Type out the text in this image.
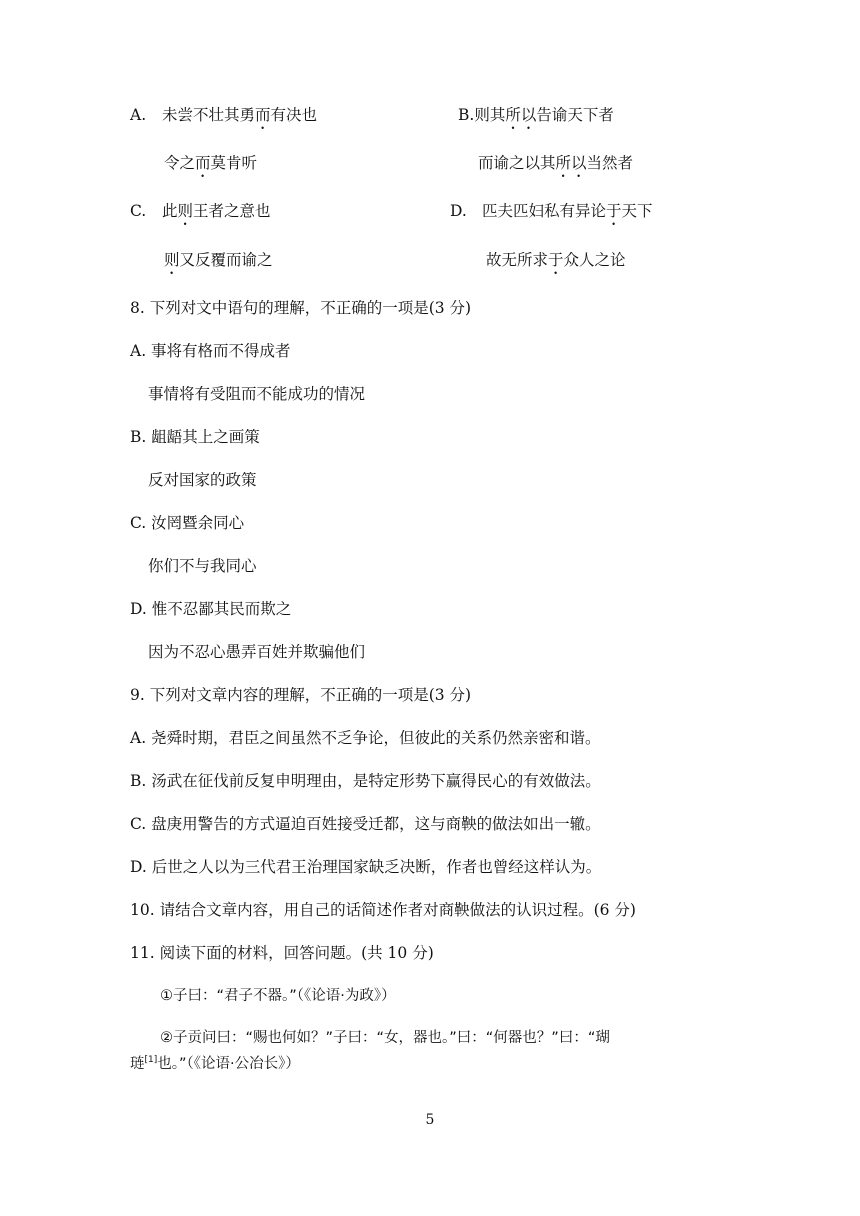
A. 未尝不壮其勇而有决也	B.则其所以告谕天下者
令之而莫肯听	而谕之以其所以当然者
C. 此则王者之意也	D. 匹夫匹妇私有异论于天下
则又反覆而谕之	故无所求于众人之论
8. 下列对文中语句的理解，不正确的一项是(3 分)
A. 事将有格而不得成者
事情将有受阻而不能成功的情况
B. 龃龉其上之画策
反对国家的政策
C. 汝罔暨余同心
你们不与我同心
D. 惟不忍鄙其民而欺之
因为不忍心愚弄百姓并欺骗他们
9. 下列对文章内容的理解，不正确的一项是(3 分)
A. 尧舜时期，君臣之间虽然不乏争论，但彼此的关系仍然亲密和谐。
B. 汤武在征伐前反复申明理由，是特定形势下赢得民心的有效做法。
C. 盘庚用警告的方式逼迫百姓接受迁都，这与商鞅的做法如出一辙。
D. 后世之人以为三代君王治理国家缺乏决断，作者也曾经这样认为。
10. 请结合文章内容，用自己的话简述作者对商鞅做法的认识过程。(6 分)
11. 阅读下面的材料，回答问题。(共 10 分)
①子曰：“君子不器。”（《论语·为政》）
②子贡问曰：“赐也何如？”子曰：“女，器也。”曰：“何器也？”曰：“瑚
琏[1]也。”（《论语·公冶长》）
5
